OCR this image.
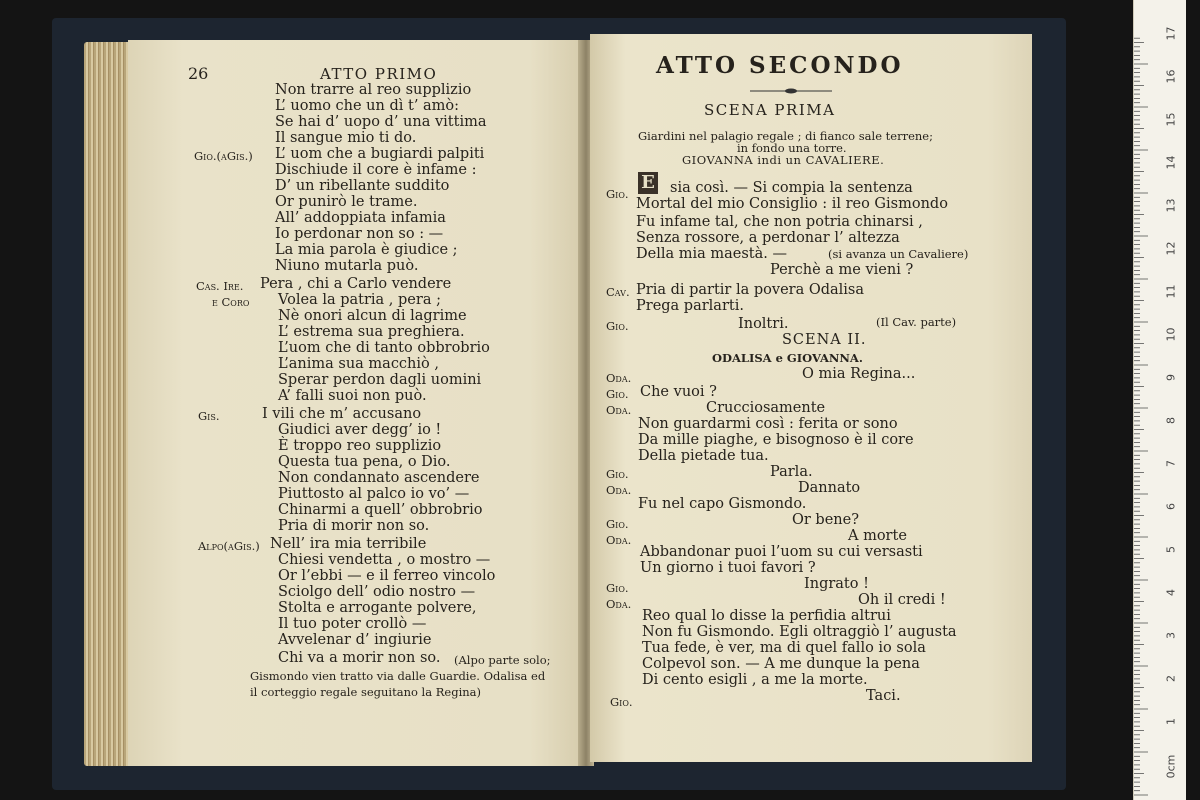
26	ATTO PRIMO
Non trarre al reo supplizio
L’ uomo che un dì t’ amò:
Se hai d’ uopo d’ una vittima
Il sangue mio ti do.
Gio.(aGis.) L’ uom che a bugiardi palpiti
Dischiude il core è infame :
D’ un ribellante suddito
Or punirò le trame.
All’ addoppiata infamia
Io perdonar non so : —
La mia parola è giudice ;
Niuno mutarla può.
Cas. Ire. Pera , chi a Carlo vendere
e Coro Volea la patria , pera ;
Nè onori alcun di lagrime
L’ estrema sua preghiera.
L’uom che di tanto obbrobrio
L’anima sua macchiò ,
Sperar perdon dagli uomini
A’ falli suoi non può.
Gis.	I vili che m’ accusano
Giudici aver degg’ io !
È troppo reo supplizio
Questa tua pena, o Dio.
Non condannato ascendere
Piuttosto al palco io vo’ —
Chinarmi a quell’ obbrobrio
Pria di morir non so.
Alpo(aGis.) Nell’ ira mia terribile
Chiesi vendetta , o mostro —
Or l’ebbi — e il ferreo vincolo
Sciolgo dell’ odio nostro —
Stolta e arrogante polvere,
Il tuo poter crollò —
Avvelenar d’ ingiurie
Chi va a morir non so. (Alpo parte solo;
Gismondo vien tratto via dalle Guardie. Odalisa ed
il corteggio regale seguitano la Regina)
ATTO SECONDO
SCENA PRIMA
Giardini nel palagio regale ; di fianco sale terrene;
in fondo una torre.
GIOVANNA indi un CAVALIERE.
Gio.
E sia così. — Si compia la sentenza
Mortal del mio Consiglio : il reo Gismondo
Fu infame tal, che non potria chinarsi ,
Senza rossore, a perdonar l’ altezza
Della mia maestà. —	(si avanza un Cavaliere)
Perchè a me vieni ?
Cav. Pria di partir la povera Odalisa
Prega parlarti.
Gio.	Inoltri.	(Il Cav. parte)
SCENA II.
ODALISA e GIOVANNA.
Oda.	O mia Regina...
Gio. Che vuoi ?
Oda.	Crucciosamente
Non guardarmi così : ferita or sono
Da mille piaghe, e bisognoso è il core
Della pietade tua.
Gio.	Parla.
Oda.	Dannato
Fu nel capo Gismondo.
Gio.	Or bene?
Oda.	A morte
Abbandonar puoi l’uom su cui versasti
Un giorno i tuoi favori ?
Gio.	Ingrato !
Oda.	Oh il credi !
Reo qual lo disse la perfidia altrui
Non fu Gismondo. Egli oltraggiò l’ augusta
Tua fede, è ver, ma di quel fallo io sola
Colpevol son. — A me dunque la pena
Di cento esigli , a me la morte.
Gio.	Taci.
17
16
15
14
13
12
11
10
9
8
7
6
5
4
3
2
1
0cm
